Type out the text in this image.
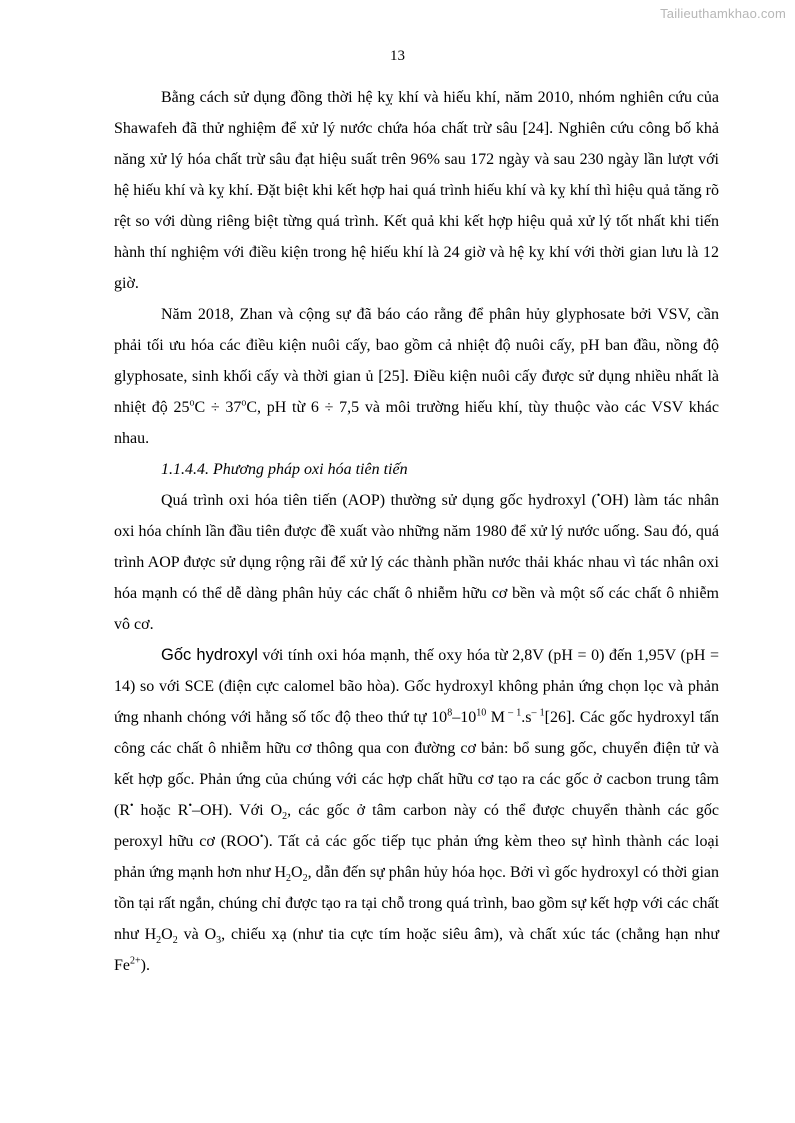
Tailieuthamkhao.com
13

Bằng cách sử dụng đồng thời hệ kỵ khí và hiếu khí, năm 2010, nhóm nghiên cứu của Shawafeh đã thử nghiệm để xử lý nước chứa hóa chất trừ sâu [24]. Nghiên cứu công bố khả năng xử lý hóa chất trừ sâu đạt hiệu suất trên 96% sau 172 ngày và sau 230 ngày lần lượt với hệ hiếu khí và kỵ khí. Đặt biệt khi kết hợp hai quá trình hiếu khí và kỵ khí thì hiệu quả tăng rõ rệt so với dùng riêng biệt từng quá trình. Kết quả khi kết hợp hiệu quả xử lý tốt nhất khi tiến hành thí nghiệm với điều kiện trong hệ hiếu khí là 24 giờ và hệ kỵ khí với thời gian lưu là 12 giờ.

Năm 2018, Zhan và cộng sự đã báo cáo rằng để phân hủy glyphosate bởi VSV, cần phải tối ưu hóa các điều kiện nuôi cấy, bao gồm cả nhiệt độ nuôi cấy, pH ban đầu, nồng độ glyphosate, sinh khối cấy và thời gian ủ [25]. Điều kiện nuôi cấy được sử dụng nhiều nhất là nhiệt độ $25^oC \div 37^oC$, pH từ 6 ÷ 7,5 và môi trường hiếu khí, tùy thuộc vào các VSV khác nhau.

1.1.4.4. Phương pháp oxi hóa tiên tiến

Quá trình oxi hóa tiên tiến (AOP) thường sử dụng gốc hydroxyl (•OH) làm tác nhân oxi hóa chính lần đầu tiên được đề xuất vào những năm 1980 để xử lý nước uống. Sau đó, quá trình AOP được sử dụng rộng rãi để xử lý các thành phần nước thải khác nhau vì tác nhân oxi hóa mạnh có thể dễ dàng phân hủy các chất ô nhiễm hữu cơ bền và một số các chất ô nhiễm vô cơ.

Gốc hydroxyl với tính oxi hóa mạnh, thế oxy hóa từ 2,8V (pH = 0) đến 1,95V (pH = 14) so với SCE (điện cực calomel bão hòa). Gốc hydroxyl không phản ứng chọn lọc và phản ứng nhanh chóng với hằng số tốc độ theo thứ tự $10^8-10^{10}$ M $^{- 1}.s^{- 1}[26]$. Các gốc hydroxyl tấn công các chất ô nhiễm hữu cơ thông qua con đường cơ bản: bổ sung gốc, chuyển điện tử và kết hợp gốc. Phản ứng của chúng với các hợp chất hữu cơ tạo ra các gốc ở cacbon trung tâm (R• hoặc R•–OH). Với $O_2$, các gốc ở tâm carbon này có thể được chuyển thành các gốc peroxyl hữu cơ (ROO•). Tất cả các gốc tiếp tục phản ứng kèm theo sự hình thành các loại phản ứng mạnh hơn như $H_2O_2$, dẫn đến sự phân hủy hóa học. Bởi vì gốc hydroxyl có thời gian tồn tại rất ngắn, chúng chỉ được tạo ra tại chỗ trong quá trình, bao gồm sự kết hợp với các chất như $H_2O_2$ và $O_3$, chiếu xạ (như tia cực tím hoặc siêu âm), và chất xúc tác (chẳng hạn như $Fe^{2+}$).
